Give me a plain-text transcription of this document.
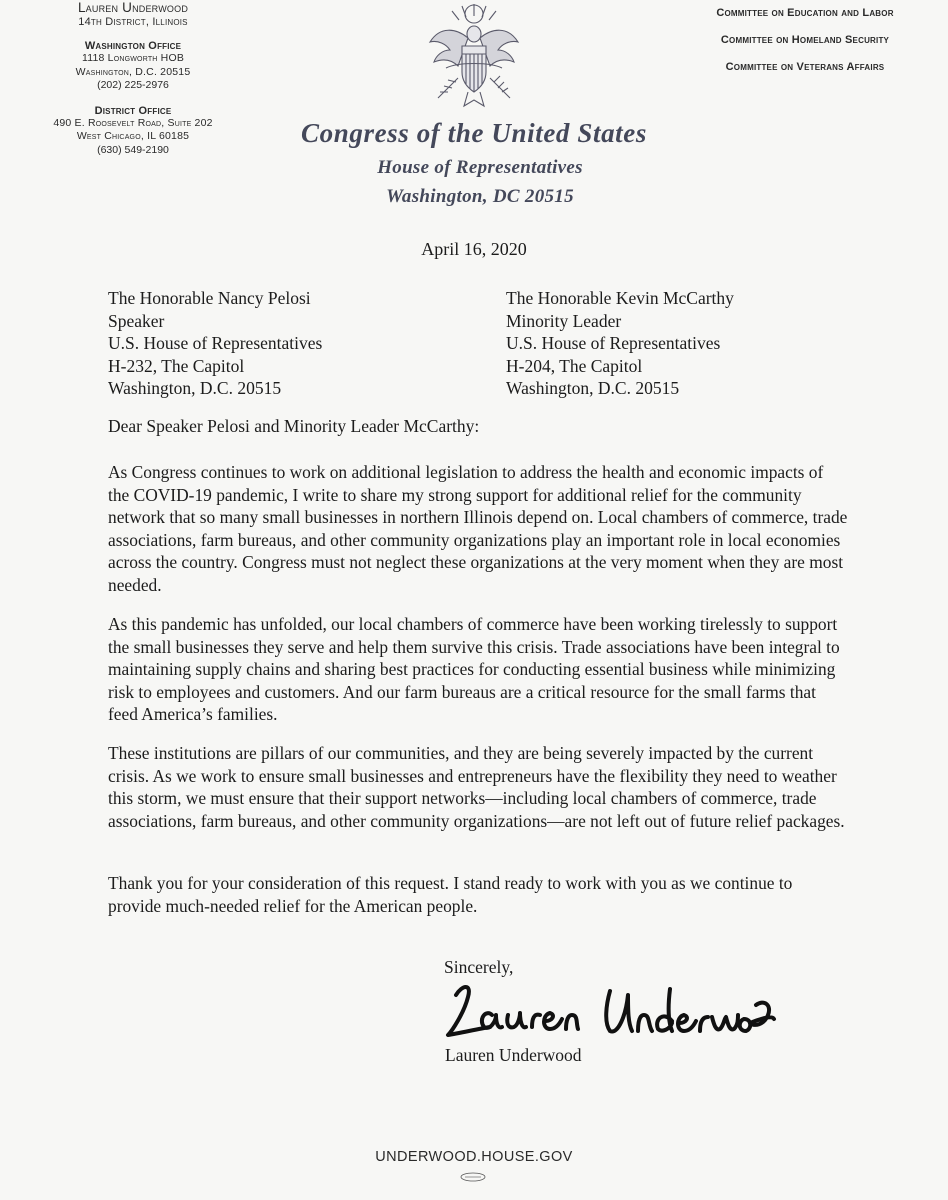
Lauren Underwood
14th District, Illinois
Washington Office
1118 Longworth HOB
Washington, D.C. 20515
(202) 225-2976
District Office
490 E. Roosevelt Road, Suite 202
West Chicago, IL 60185
(630) 549-2190
Committee on Education and Labor
Committee on Homeland Security
Committee on Veterans Affairs
Congress of the United States
House of Representatives
Washington, DC 20515
April 16, 2020
The Honorable Nancy Pelosi
Speaker
U.S. House of Representatives
H-232, The Capitol
Washington, D.C. 20515
The Honorable Kevin McCarthy
Minority Leader
U.S. House of Representatives
H-204, The Capitol
Washington, D.C. 20515
Dear Speaker Pelosi and Minority Leader McCarthy:

As Congress continues to work on additional legislation to address the health and economic impacts of the COVID-19 pandemic, I write to share my strong support for additional relief for the community network that so many small businesses in northern Illinois depend on. Local chambers of commerce, trade associations, farm bureaus, and other community organizations play an important role in local economies across the country. Congress must not neglect these organizations at the very moment when they are most needed.

As this pandemic has unfolded, our local chambers of commerce have been working tirelessly to support the small businesses they serve and help them survive this crisis. Trade associations have been integral to maintaining supply chains and sharing best practices for conducting essential business while minimizing risk to employees and customers. And our farm bureaus are a critical resource for the small farms that feed America’s families.

These institutions are pillars of our communities, and they are being severely impacted by the current crisis. As we work to ensure small businesses and entrepreneurs have the flexibility they need to weather this storm, we must ensure that their support networks—including local chambers of commerce, trade associations, farm bureaus, and other community organizations—are not left out of future relief packages.

Thank you for your consideration of this request. I stand ready to work with you as we continue to provide much-needed relief for the American people.

Sincerely,
Lauren Underwood
UNDERWOOD.HOUSE.GOV
